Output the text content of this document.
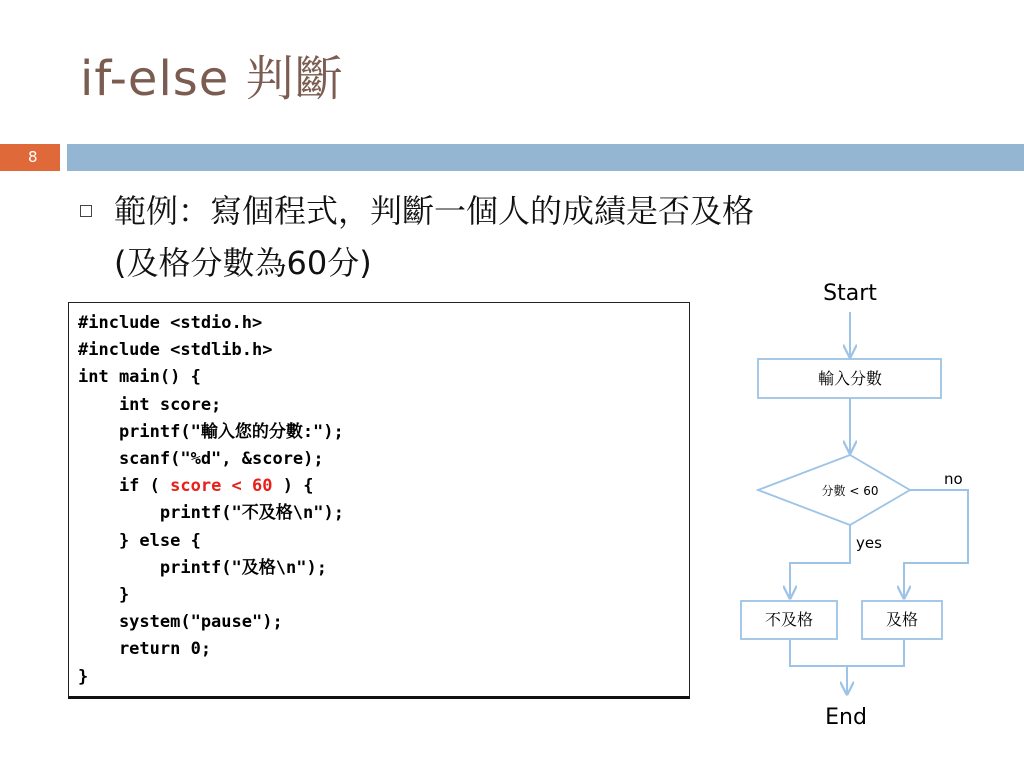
if-else 判斷
8
範例：寫個程式，判斷一個人的成績是否及格
(及格分數為60分)
#include <stdio.h>
#include <stdlib.h>
int main() {
int score;
printf("輸入您的分數:");
scanf("%d", &score);
if ( score < 60 ) {
printf("不及格\n");
} else {
printf("及格\n");
}
system("pause");
return 0;
}
Start
輸入分數
分數 < 60
no
yes
不及格	及格
End
